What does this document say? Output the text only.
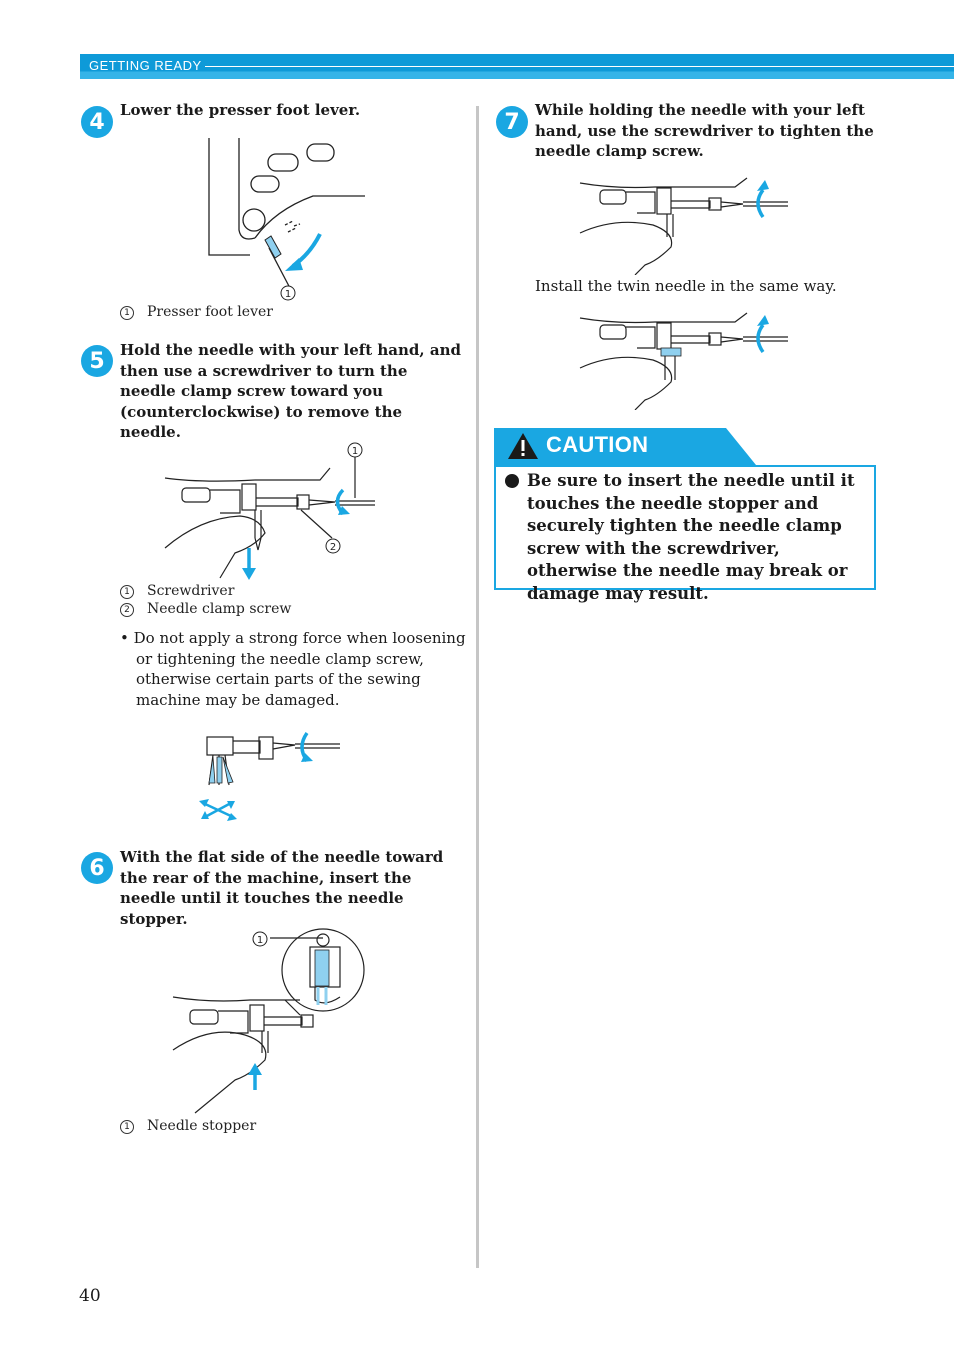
GETTING READY
4	Lower the presser foot lever.
1
1 Presser foot lever
5	Hold the needle with your left hand, and then use a screwdriver to turn the needle clamp screw toward you (counterclockwise) to remove the needle.
1
2
1 Screwdriver
2 Needle clamp screw
• Do not apply a strong force when loosening or tightening the needle clamp screw, otherwise certain parts of the sewing machine may be damaged.
6	With the flat side of the needle toward the rear of the machine, insert the needle until it touches the needle stopper.
1
1 Needle stopper
7	While holding the needle with your left hand, use the screwdriver to tighten the needle clamp screw.
Install the twin needle in the same way.
CAUTION
Be sure to insert the needle until it touches the needle stopper and securely tighten the needle clamp screw with the screwdriver, otherwise the needle may break or damage may result.
40
